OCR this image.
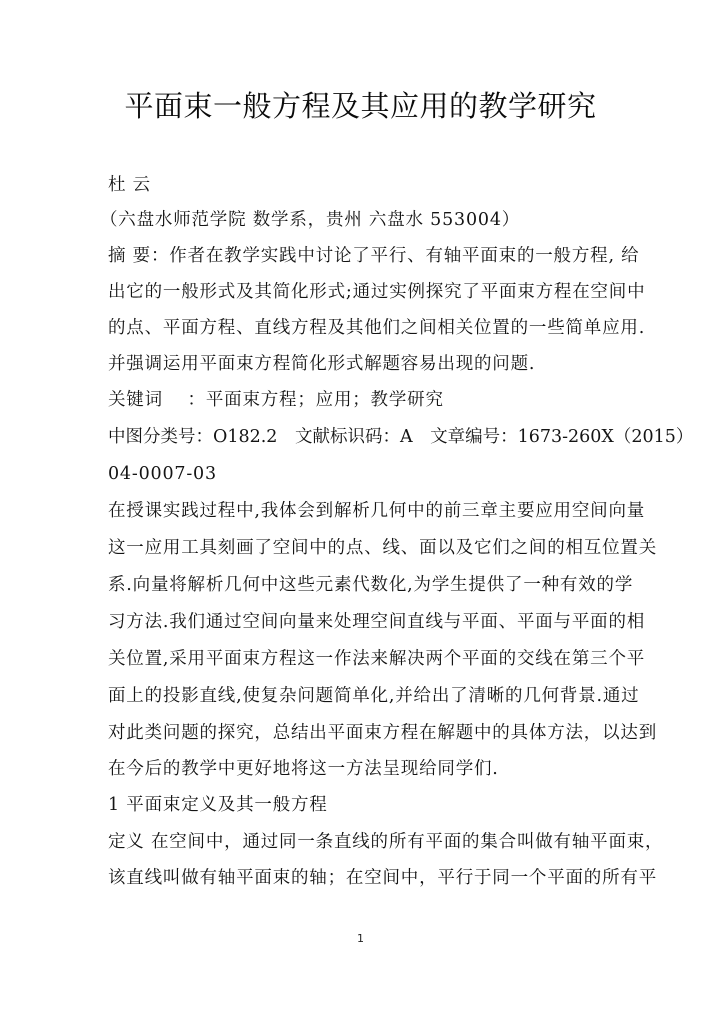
平面束一般方程及其应用的教学研究
杜 云
（六盘水师范学院 数学系，贵州 六盘水 553004）
摘 要：作者在教学实践中讨论了平行、有轴平面束的一般方程, 给
出它的一般形式及其简化形式;通过实例探究了平面束方程在空间中
的点、平面方程、直线方程及其他们之间相关位置的一些简单应用.
并强调运用平面束方程简化形式解题容易出现的问题.
关键词　 ：平面束方程；应用；教学研究
中图分类号：O182.2　文献标识码：A　文章编号：1673-260X（2015）
04-0007-03
在授课实践过程中,我体会到解析几何中的前三章主要应用空间向量
这一应用工具刻画了空间中的点、线、面以及它们之间的相互位置关
系.向量将解析几何中这些元素代数化,为学生提供了一种有效的学
习方法.我们通过空间向量来处理空间直线与平面、平面与平面的相
关位置,采用平面束方程这一作法来解决两个平面的交线在第三个平
面上的投影直线,使复杂问题简单化,并给出了清晰的几何背景.通过
对此类问题的探究，总结出平面束方程在解题中的具体方法，以达到
在今后的教学中更好地将这一方法呈现给同学们.
1 平面束定义及其一般方程
定义 在空间中，通过同一条直线的所有平面的集合叫做有轴平面束，
该直线叫做有轴平面束的轴；在空间中，平行于同一个平面的所有平
1
